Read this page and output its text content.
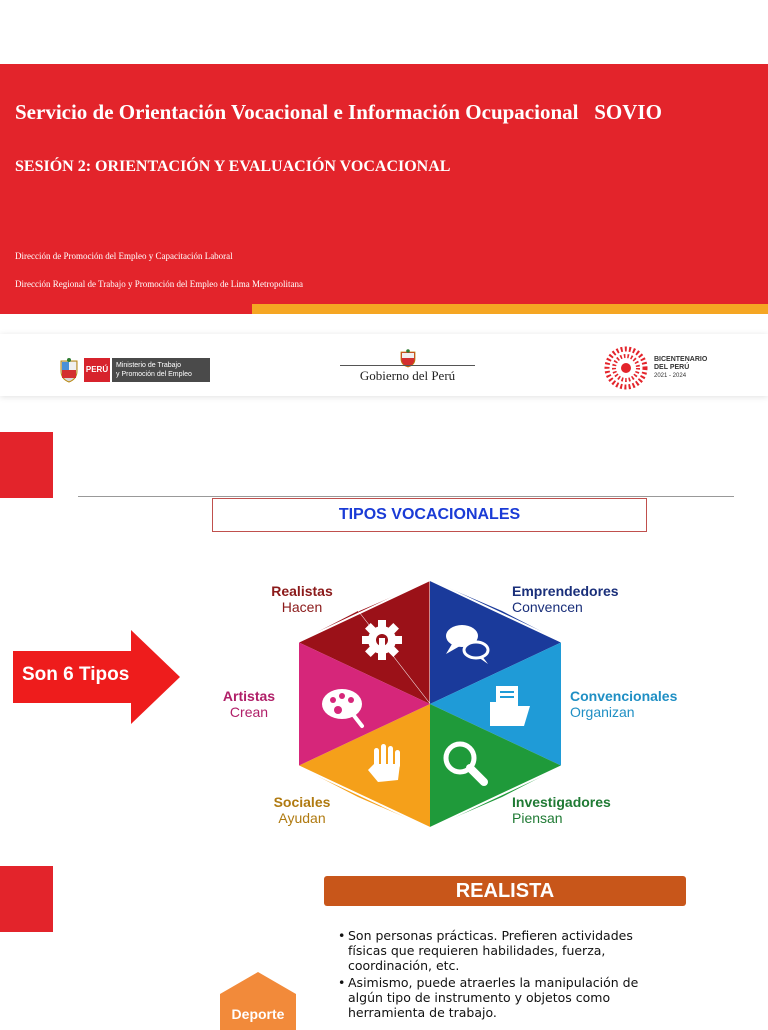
Servicio de Orientación Vocacional e Información Ocupacional   SOVIO
SESIÓN 2: ORIENTACIÓN Y EVALUACIÓN VOCACIONAL
Dirección de Promoción del Empleo y Capacitación Laboral
Dirección Regional de Trabajo y Promoción del Empleo de Lima Metropolitana
PERÚ Ministerio de Trabajo
y Promoción del Empleo	Gobierno del Perú
BICENTENARIO
DEL PERÚ
2021 - 2024
TIPOS VOCACIONALES
Son 6 Tipos
Realistas
Hacen
Emprendedores
Convencen
Convencionales
Organizan
Investigadores
Piensan
Sociales
Ayudan
Artistas
Crean
REALISTA
• Son personas prácticas. Prefieren actividades físicas que requieren habilidades, fuerza, coordinación, etc.
• Asimismo, puede atraerles la manipulación de algún tipo de instrumento y objetos como herramienta de trabajo.
Deporte
